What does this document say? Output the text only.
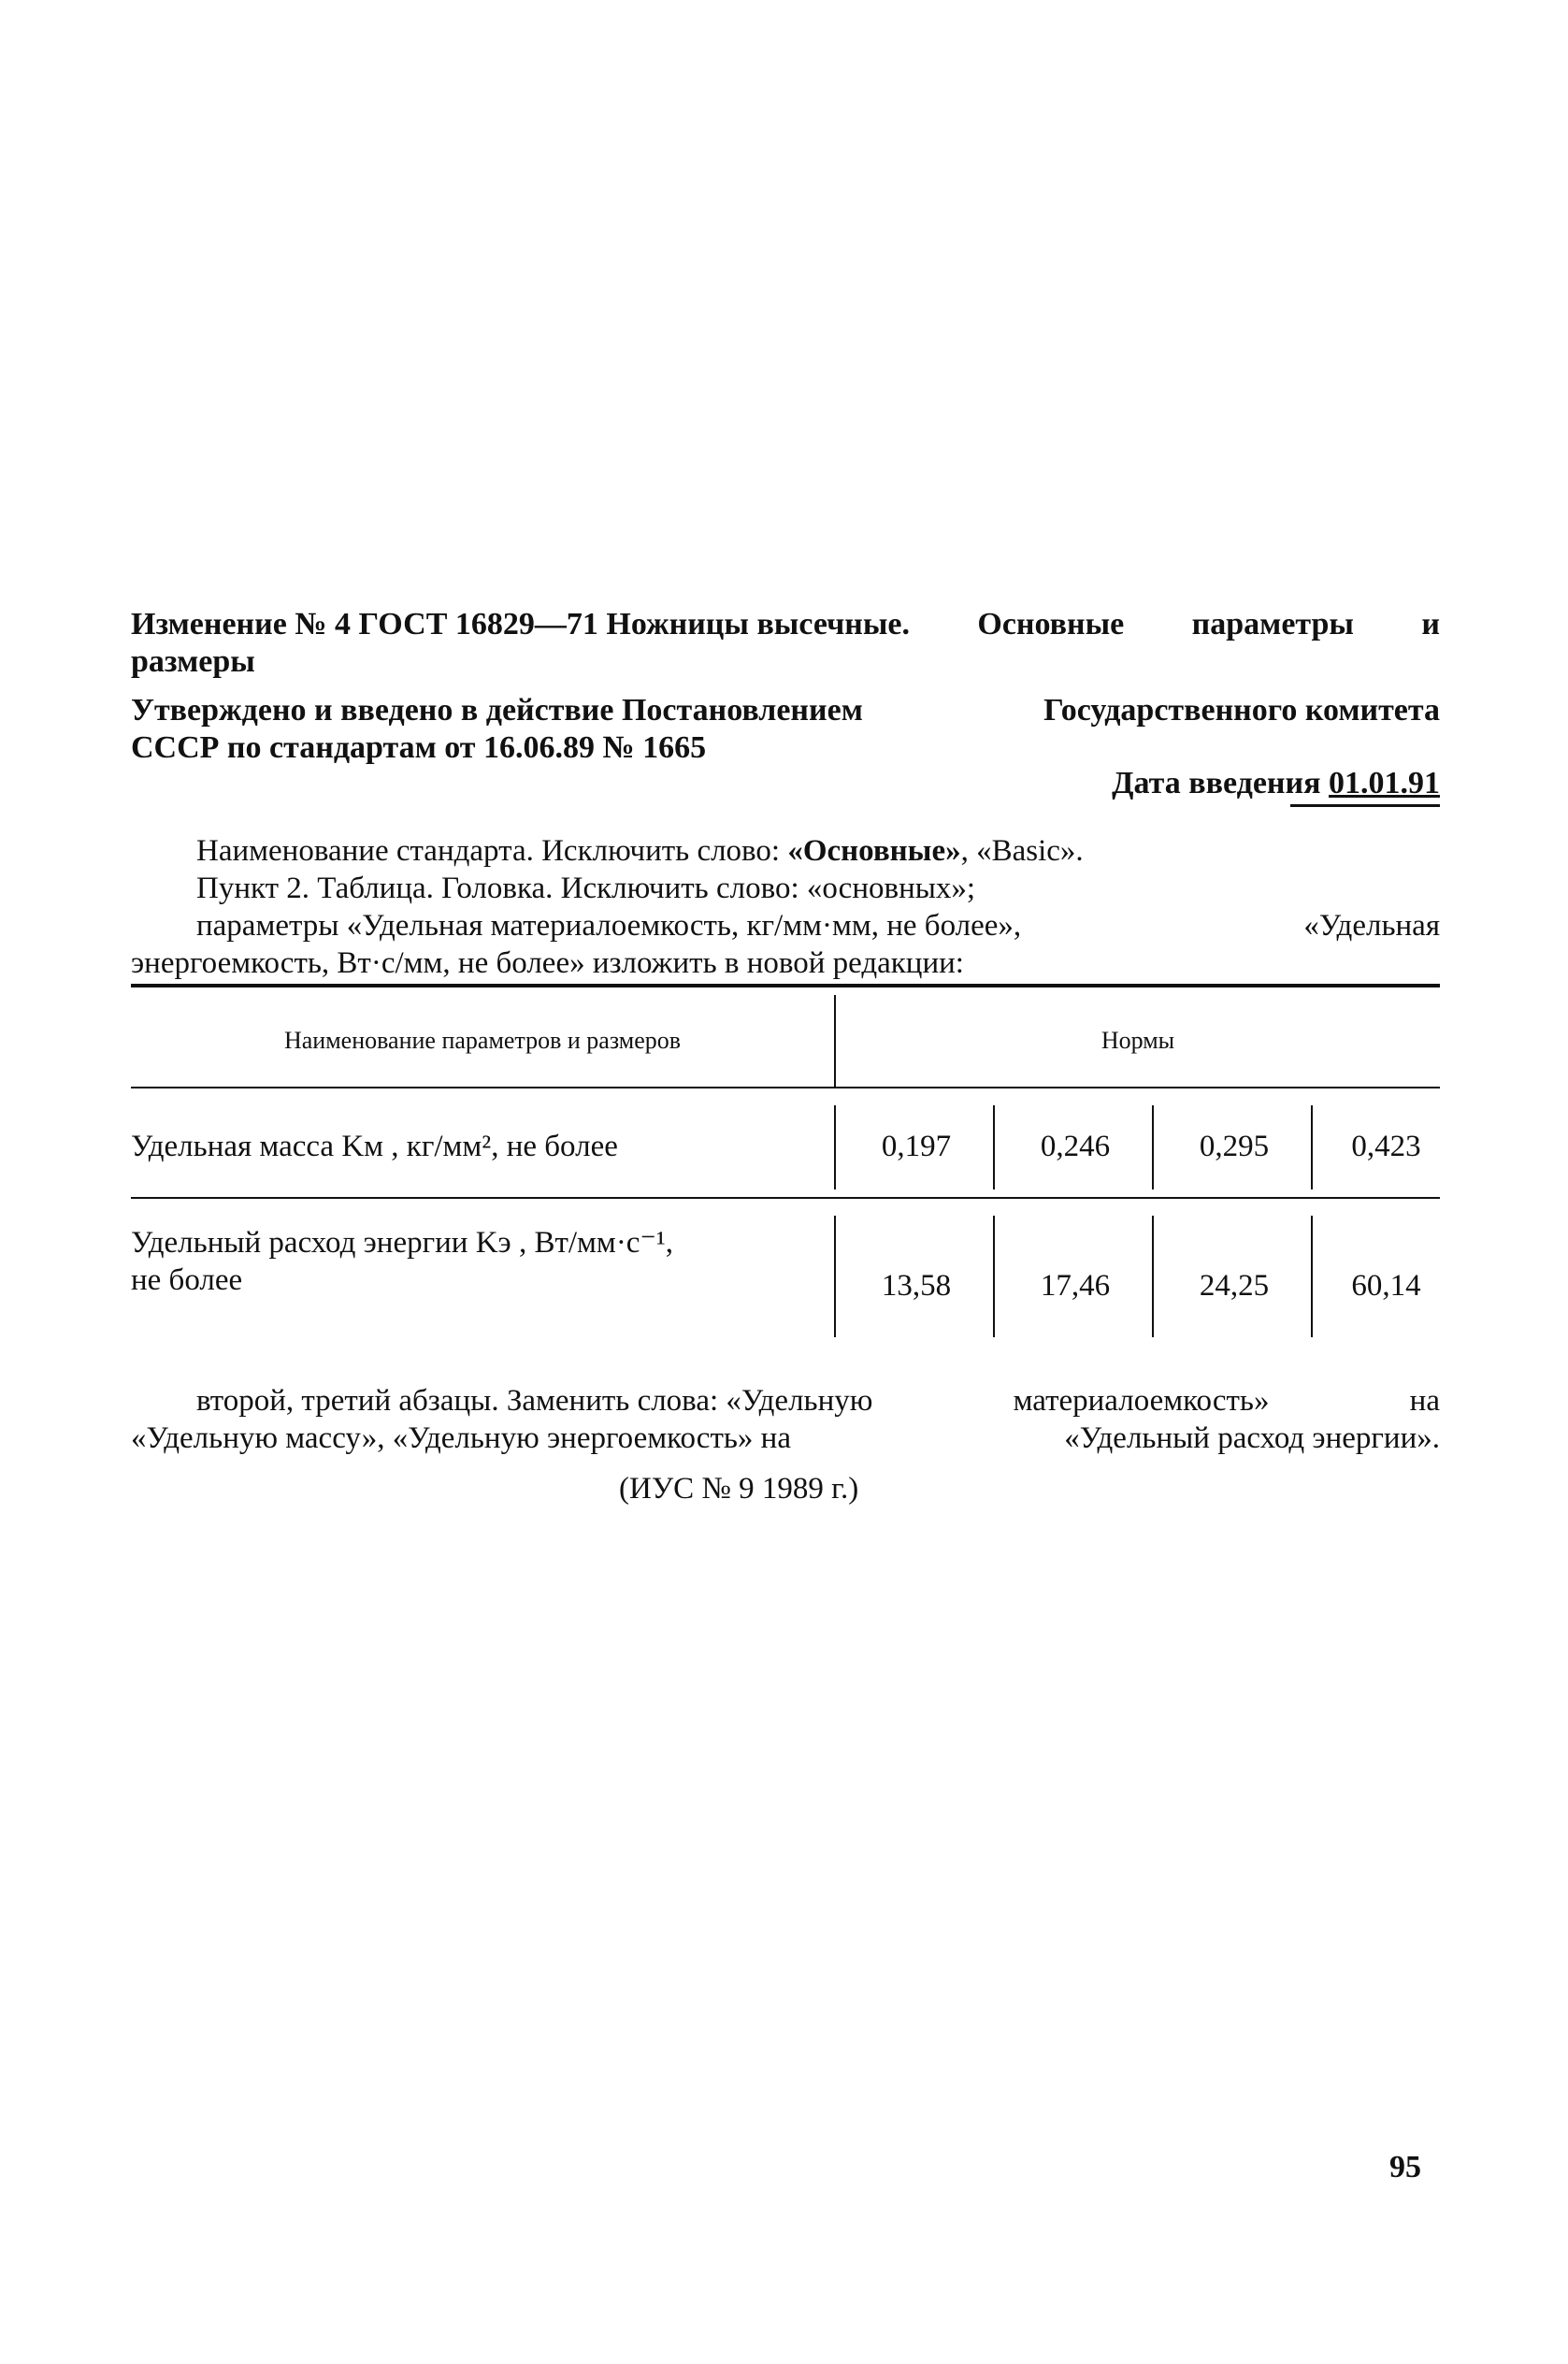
Изменение № 4 ГОСТ 16829—71 Ножницы высечные. Основные параметры и
размеры
Утверждено и введено в действие Постановлением	Государственного комитета
СССР по стандартам от 16.06.89 № 1665
Дата введения 01.01.91
Наименование стандарта. Исключить слово: «Основные», «Basic».
Пункт 2. Таблица. Головка. Исключить слово: «основных»;
параметры «Удельная материалоемкость, кг/мм·мм, не более»,	«Удельная
энергоемкость, Вт·с/мм, не более» изложить в новой редакции:
Наименование параметров и размеров	Нормы
Удельная масса Kм , кг/мм², не более	0,197	0,246	0,295	0,423
Удельный расход энергии Kэ , Вт/мм·с⁻¹,
не более	13,58	17,46	24,25	60,14
второй, третий абзацы. Заменить слова: «Удельную	материалоемкость»	на
«Удельную массу», «Удельную энергоемкость» на	«Удельный расход энергии».
(ИУС № 9 1989 г.)
95
